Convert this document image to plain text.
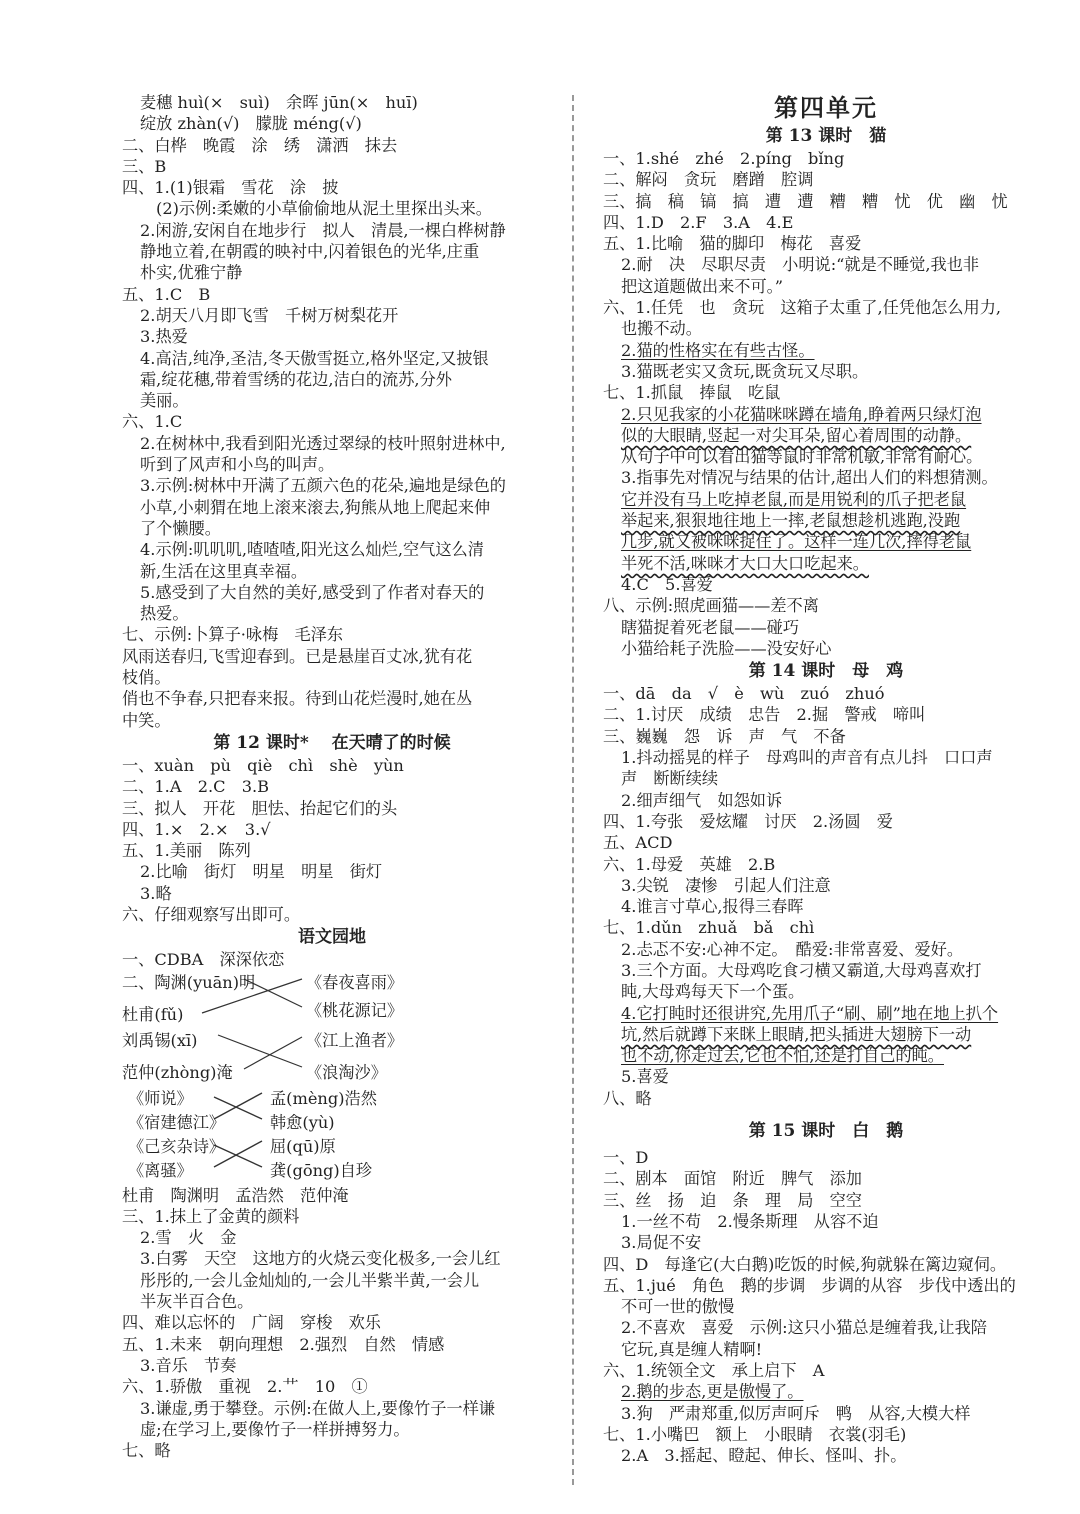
麦穗 huì(×　suì)　余晖 jūn(×　huī)
绽放 zhàn(√)　朦胧 méng(√)
二、白桦　晚霞　涂　绣　潇洒　抹去
三、B
四、1.(1)银霜　雪花　涂　披
(2)示例:柔嫩的小草偷偷地从泥土里探出头来。
2.闲游,安闲自在地步行　拟人　清晨,一棵白桦树静
静地立着,在朝霞的映衬中,闪着银色的光华,庄重
朴实,优雅宁静
五、1.C　B
2.胡天八月即飞雪　千树万树梨花开
3.热爱
4.高洁,纯净,圣洁,冬天傲雪挺立,格外坚定,又披银
霜,绽花穗,带着雪绣的花边,洁白的流苏,分外
美丽。
六、1.C
2.在树林中,我看到阳光透过翠绿的枝叶照射进林中,
听到了风声和小鸟的叫声。
3.示例:树林中开满了五颜六色的花朵,遍地是绿色的
小草,小刺猬在地上滚来滚去,狗熊从地上爬起来伸
了个懒腰。
4.示例:叽叽叽,喳喳喳,阳光这么灿烂,空气这么清
新,生活在这里真幸福。
5.感受到了大自然的美好,感受到了作者对春天的
热爱。
七、示例:卜算子·咏梅　毛泽东
风雨送春归,飞雪迎春到。已是悬崖百丈冰,犹有花
枝俏。
俏也不争春,只把春来报。待到山花烂漫时,她在丛
中笑。
第 12 课时*　 在天晴了的时候
一、xuàn　pù　qiè　chì　shè　yùn
二、1.A　2.C　3.B
三、拟人　开花　胆怯、抬起它们的头
四、1.×　2.×　3.√
五、1.美丽　陈列
2.比喻　街灯　明星　明星　街灯
3.略
六、仔细观察写出即可。
语文园地
一、CDBA　深深依恋
二、陶渊(yuān)明
杜甫(fǔ)
刘禹锡(xī)
范仲(zhòng)淹
《春夜喜雨》
《桃花源记》
《江上渔者》
《浪淘沙》
《师说》
《宿建德江》
《己亥杂诗》
《离骚》
孟(mèng)浩然
韩愈(yù)
屈(qū)原
龚(gōng)自珍
杜甫　陶渊明　孟浩然　范仲淹
三、1.抹上了金黄的颜料
2.雪　火　金
3.白雾　天空　这地方的火烧云变化极多,一会儿红
彤彤的,一会儿金灿灿的,一会儿半紫半黄,一会儿
半灰半百合色。
四、难以忘怀的　广阔　穿梭　欢乐
五、1.未来　朝向理想　2.强烈　自然　情感
3.音乐　节奏
六、1.骄傲　重视　2.艹　10　①
3.谦虚,勇于攀登。示例:在做人上,要像竹子一样谦
虚;在学习上,要像竹子一样拼搏努力。
七、略
第四单元
第 13 课时　猫
一、1.shé　zhé　2.píng　bǐng
二、解闷　贪玩　磨蹭　腔调
三、搞　稿　镐　搞　遭　遭　糟　糟　忧　优　幽　忧
四、1.D　2.F　3.A　4.E
五、1.比喻　猫的脚印　梅花　喜爱
2.耐　决　尽职尽责　小明说:“就是不睡觉,我也非
把这道题做出来不可。”
六、1.任凭　也　贪玩　这箱子太重了,任凭他怎么用力,
也搬不动。
2.猫的性格实在有些古怪。
3.猫既老实又贪玩,既贪玩又尽职。
七、1.抓鼠　捧鼠　吃鼠
2.只见我家的小花猫咪咪蹲在墙角,睁着两只绿灯泡
似的大眼睛,竖起一对尖耳朵,留心着周围的动静。
从句子中可以看出猫等鼠时非常机敏,非常有耐心。
3.指事先对情况与结果的估计,超出人们的料想猜测。
它并没有马上吃掉老鼠,而是用锐利的爪子把老鼠
举起来,狠狠地往地上一摔,老鼠想趁机逃跑,没跑
几步,就又被咪咪捉住了。这样一连几次,摔得老鼠
半死不活,咪咪才大口大口吃起来。
4.C　5.喜爱
八、示例:照虎画猫——差不离
瞎猫捉着死老鼠——碰巧
小猫给耗子洗脸——没安好心
第 14 课时　母　鸡
一、dā　da　√　è　wù　zuó　zhuó
二、1.讨厌　成绩　忠告　2.掘　警戒　啼叫
三、巍巍　怨　诉　声　气　不备
1.抖动摇晃的样子　母鸡叫的声音有点儿抖　口口声
声　断断续续
2.细声细气　如怨如诉
四、1.夸张　爱炫耀　讨厌　2.汤圆　爱
五、ACD
六、1.母爱　英雄　2.B
3.尖锐　凄惨　引起人们注意
4.谁言寸草心,报得三春晖
七、1.dǔn　zhuǎ　bǎ　chì
2.忐忑不安:心神不定。　酷爱:非常喜爱、爱好。
3.三个方面。大母鸡吃食刁横又霸道,大母鸡喜欢打
盹,大母鸡每天下一个蛋。
4.它打盹时还很讲究,先用爪子“刷、刷”地在地上扒个
坑,然后就蹲下来眯上眼睛,把头插进大翅膀下一动
也不动,你走过去,它也不怕,还是打自己的盹。
5.喜爱
八、略
第 15 课时　白　鹅
一、D
二、剧本　面馆　附近　脾气　添加
三、丝　扬　迫　条　理　局　空空
1.一丝不苟　2.慢条斯理　从容不迫
3.局促不安
四、D　每逢它(大白鹅)吃饭的时候,狗就躲在篱边窥伺。
五、1.jué　角色　鹅的步调　步调的从容　步伐中透出的
不可一世的傲慢
2.不喜欢　喜爱　示例:这只小猫总是缠着我,让我陪
它玩,真是缠人精啊!
六、1.统领全文　承上启下　A
2.鹅的步态,更是傲慢了。
3.狗　严肃郑重,似厉声呵斥　鸭　从容,大模大样
七、1.小嘴巴　额上　小眼睛　衣裳(羽毛)
2.A　3.摇起、瞪起、伸长、怪叫、扑。
